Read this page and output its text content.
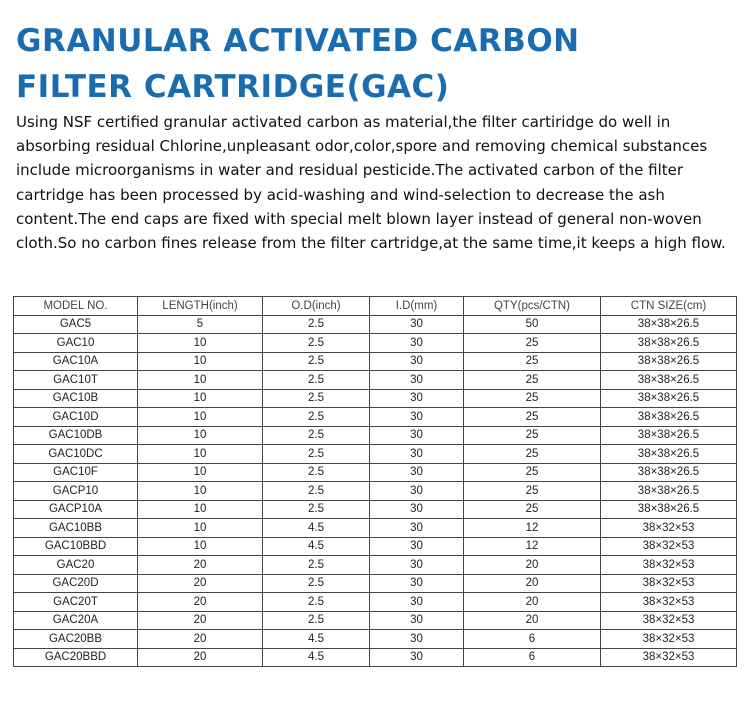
GRANULAR ACTIVATED CARBON
FILTER CARTRIDGE(GAC)

Using NSF certified granular activated carbon as material,the filter cartiridge do well in absorbing residual Chlorine,unpleasant odor,color,spore and removing chemical substances include microorganisms in water and residual pesticide.The activated carbon of the filter cartridge has been processed by acid-washing and wind-selection to decrease the ash content.The end caps are fixed with special melt blown layer instead of general non-woven cloth.So no carbon fines release from the filter cartridge,at the same time,it keeps a high flow.

MODEL NO.	LENGTH(inch)	O.D(inch)	I.D(mm)	QTY(pcs/CTN)	CTN SIZE(cm)
GAC5	5	2.5	30	50	38×38×26.5
GAC10	10	2.5	30	25	38×38×26.5
GAC10A	10	2.5	30	25	38×38×26.5
GAC10T	10	2.5	30	25	38×38×26.5
GAC10B	10	2.5	30	25	38×38×26.5
GAC10D	10	2.5	30	25	38×38×26.5
GAC10DB	10	2.5	30	25	38×38×26.5
GAC10DC	10	2.5	30	25	38×38×26.5
GAC10F	10	2.5	30	25	38×38×26.5
GACP10	10	2.5	30	25	38×38×26.5
GACP10A	10	2.5	30	25	38×38×26.5
GAC10BB	10	4.5	30	12	38×32×53
GAC10BBD	10	4.5	30	12	38×32×53
GAC20	20	2.5	30	20	38×32×53
GAC20D	20	2.5	30	20	38×32×53
GAC20T	20	2.5	30	20	38×32×53
GAC20A	20	2.5	30	20	38×32×53
GAC20BB	20	4.5	30	6	38×32×53
GAC20BBD	20	4.5	30	6	38×32×53
